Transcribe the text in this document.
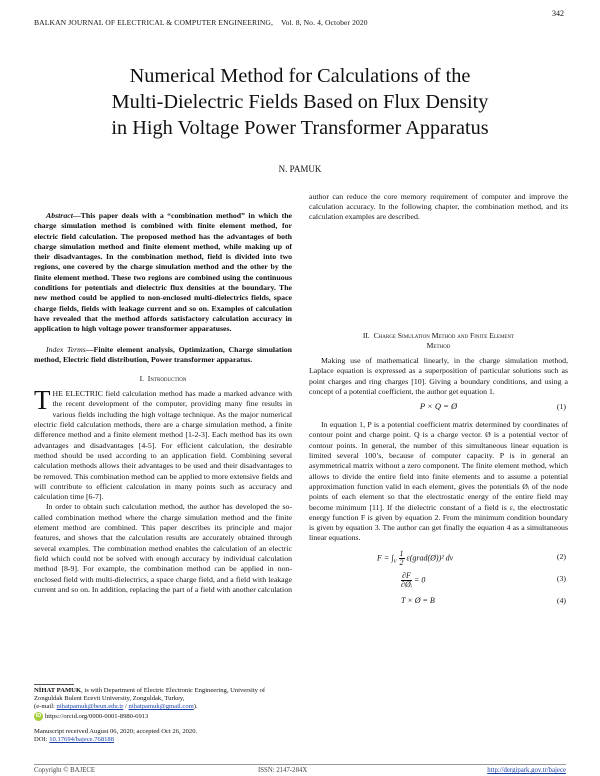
BALKAN JOURNAL OF ELECTRICAL & COMPUTER ENGINEERING, Vol. 8, No. 4, October 2020
342
Numerical Method for Calculations of the
Multi-Dielectric Fields Based on Flux Density
in High Voltage Power Transformer Apparatus
N. PAMUK

Abstract—This paper deals with a “combination method” in which the charge simulation method is combined with finite element method, for electric field calculation. The proposed method has the advantages of both charge simulation method and finite element method, while making up of their disadvantages. In the combination method, field is divided into two regions, one covered by the charge simulation method and the other by the finite element method. These two regions are combined using the continuous conditions for potentials and dielectric flux densities at the boundary. The new method could be applied to non-enclosed multi-dielectrics fields, space charge fields, fields with leakage current and so on. Examples of calculation have revealed that the method affords satisfactory calculation accuracy in application to high voltage power transformer apparatuses.

Index Terms—Finite element analysis, Optimization, Charge simulation method, Electric field distribution, Power transformer apparatus.

I. Introduction

THE ELECTRIC field calculation method has made a marked advance with the recent development of the computer, providing many fine results in various fields including the high voltage technique. As the major numerical electric field calculation methods, there are a charge simulation method, a finite difference method and a finite element method [1-2-3]. Each method has its own advantages and disadvantages [4-5]. For efficient calculation, the desirable method should be used according to an application field. Combining several calculation methods allows their advantages to be used and their disadvantages to be removed. This combination method can be applied to more extensive fields and will contribute to efficient calculation in many points such as accuracy and calculation time [6-7].

In order to obtain such calculation method, the author has developed the so-called combination method where the charge simulation method and the finite element method are combined. This paper describes its principle and major features, and shows that the calculation results are accurately obtained through several examples. The combination method enables the calculation of an electric field which could not be solved with enough accuracy by individual calculation method [8-9]. For example, the combination method can be applied in non-enclosed field with multi-dielectrics, a space charge field, and a field with leakage current and so on. In addition, replacing the part of a field with another calculation

author can reduce the core memory requirement of computer and improve the calculation accuracy. In the following chapter, the combination method, and its calculation examples are described.

II. Charge Simulation Method and Finite Element
Method

Making use of mathematical linearly, in the charge simulation method, Laplace equation is expressed as a superposition of particular solutions such as point charges and ring charges [10]. Giving a boundary conditions, and using a concept of a potential coefficient, the author get equation 1.

P × Q = Ø	(1)

In equation 1, P is a potential coefficient matrix determined by coordinates of contour point and charge point. Q is a charge vector. Ø is a potential vector of contour points. In general, the number of this simultaneous linear equation is limited several 100’s, because of computer capacity. P is in general an asymmetrical matrix without a zero component. The finite element method, which allows to divide the entire field into finite elements and to assume a potential approximation function valid in each element, gives the potentials Øᵢ of the node points of each element so that the electrostatic energy of the entire field may become minimum [11]. If the dielectric constant of a field is ε, the electrostatic energy function F is given by equation 2. From the minimum condition boundary is given by equation 3. The author can get finally the equation 4 as a simultaneous linear equations.

$F = \int_V \frac{1}{2}$ ε(grad(Ø))² dv	(2)
$\frac{\partial F}{\text{∂Øᵢ}} = 0$	(3)
T × Ø = B	(4)

NİHAT PAMUK, is with Department of Electric Electronic Engineering, University of Zonguldak Bulent Ecevit University, Zonguldak, Turkey,

(e-mail: nihatpamuk@beun.edu.tr / nihatpamuk@gmail.com).

iD https://orcid.org/0000-0001-8980-6913

Manuscript received August 06, 2020; accepted Oct 26, 2020.

DOI: 10.17694/bajece.768188

Copyright © BAJECE	ISSN: 2147-284X	http://dergipark.gov.tr/bajece
